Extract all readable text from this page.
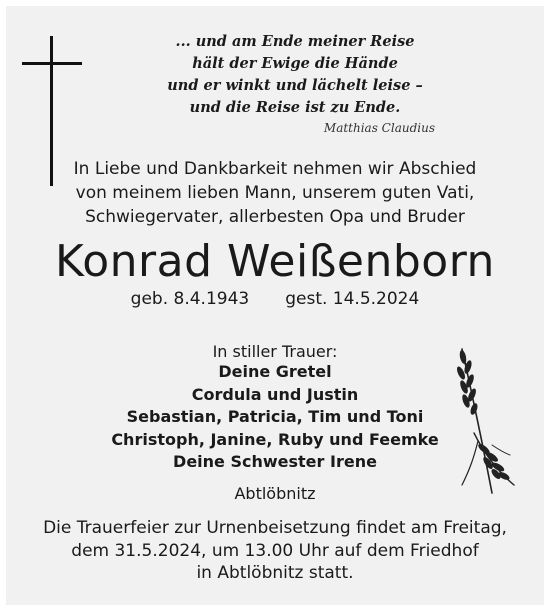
... und am Ende meiner Reise
hält der Ewige die Hände
und er winkt und lächelt leise –
und die Reise ist zu Ende.
Matthias Claudius
In Liebe und Dankbarkeit nehmen wir Abschied
von meinem lieben Mann, unserem guten Vati,
Schwiegervater, allerbesten Opa und Bruder
Konrad Weißenborn
geb. 8.4.1943 gest. 14.5.2024
In stiller Trauer:
Deine Gretel
Cordula und Justin
Sebastian, Patricia, Tim und Toni
Christoph, Janine, Ruby und Feemke
Deine Schwester Irene
Abtlöbnitz
Die Trauerfeier zur Urnenbeisetzung findet am Freitag,
dem 31.5.2024, um 13.00 Uhr auf dem Friedhof
in Abtlöbnitz statt.
